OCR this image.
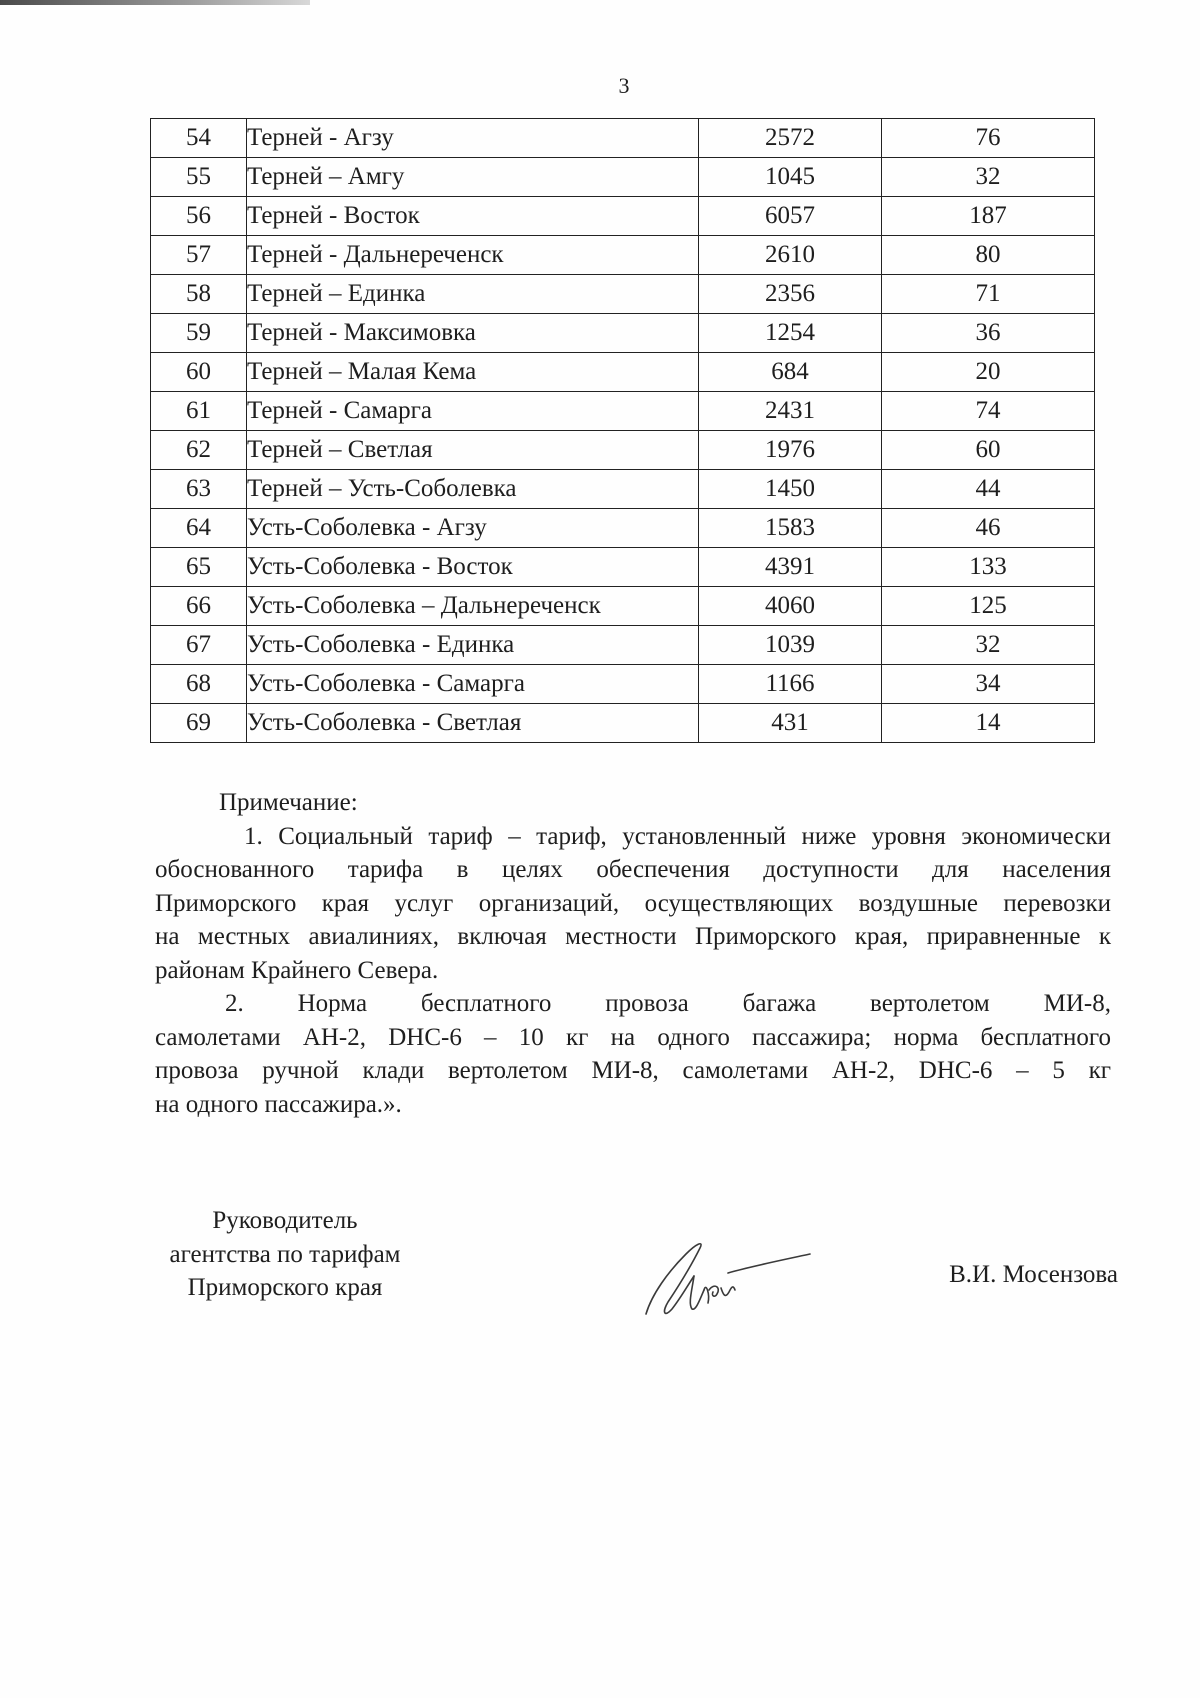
3
54	Терней - Агзу	2572	76
55	Терней – Амгу	1045	32
56	Терней - Восток	6057	187
57	Терней - Дальнереченск	2610	80
58	Терней – Единка	2356	71
59	Терней - Максимовка	1254	36
60	Терней – Малая Кема	684	20
61	Терней - Самарга	2431	74
62	Терней – Светлая	1976	60
63	Терней – Усть-Соболевка	1450	44
64	Усть-Соболевка - Агзу	1583	46
65	Усть-Соболевка - Восток	4391	133
66	Усть-Соболевка – Дальнереченск	4060	125
67	Усть-Соболевка - Единка	1039	32
68	Усть-Соболевка - Самарга	1166	34
69	Усть-Соболевка - Светлая	431	14
Примечание:
1. Социальный тариф – тариф, установленный ниже уровня экономически
обоснованного тарифа в целях обеспечения доступности для населения
Приморского края услуг организаций, осуществляющих воздушные перевозки
на местных авиалиниях, включая местности Приморского края, приравненные к
районам Крайнего Севера.
2. Норма бесплатного провоза багажа вертолетом МИ-8,
самолетами АН-2, DHC-6 – 10 кг на одного пассажира; норма бесплатного
провоза ручной клади вертолетом МИ-8, самолетами АН-2, DHC-6 – 5 кг
на одного пассажира.».
Руководитель
агентства по тарифам
Приморского края	В.И. Мосензова
